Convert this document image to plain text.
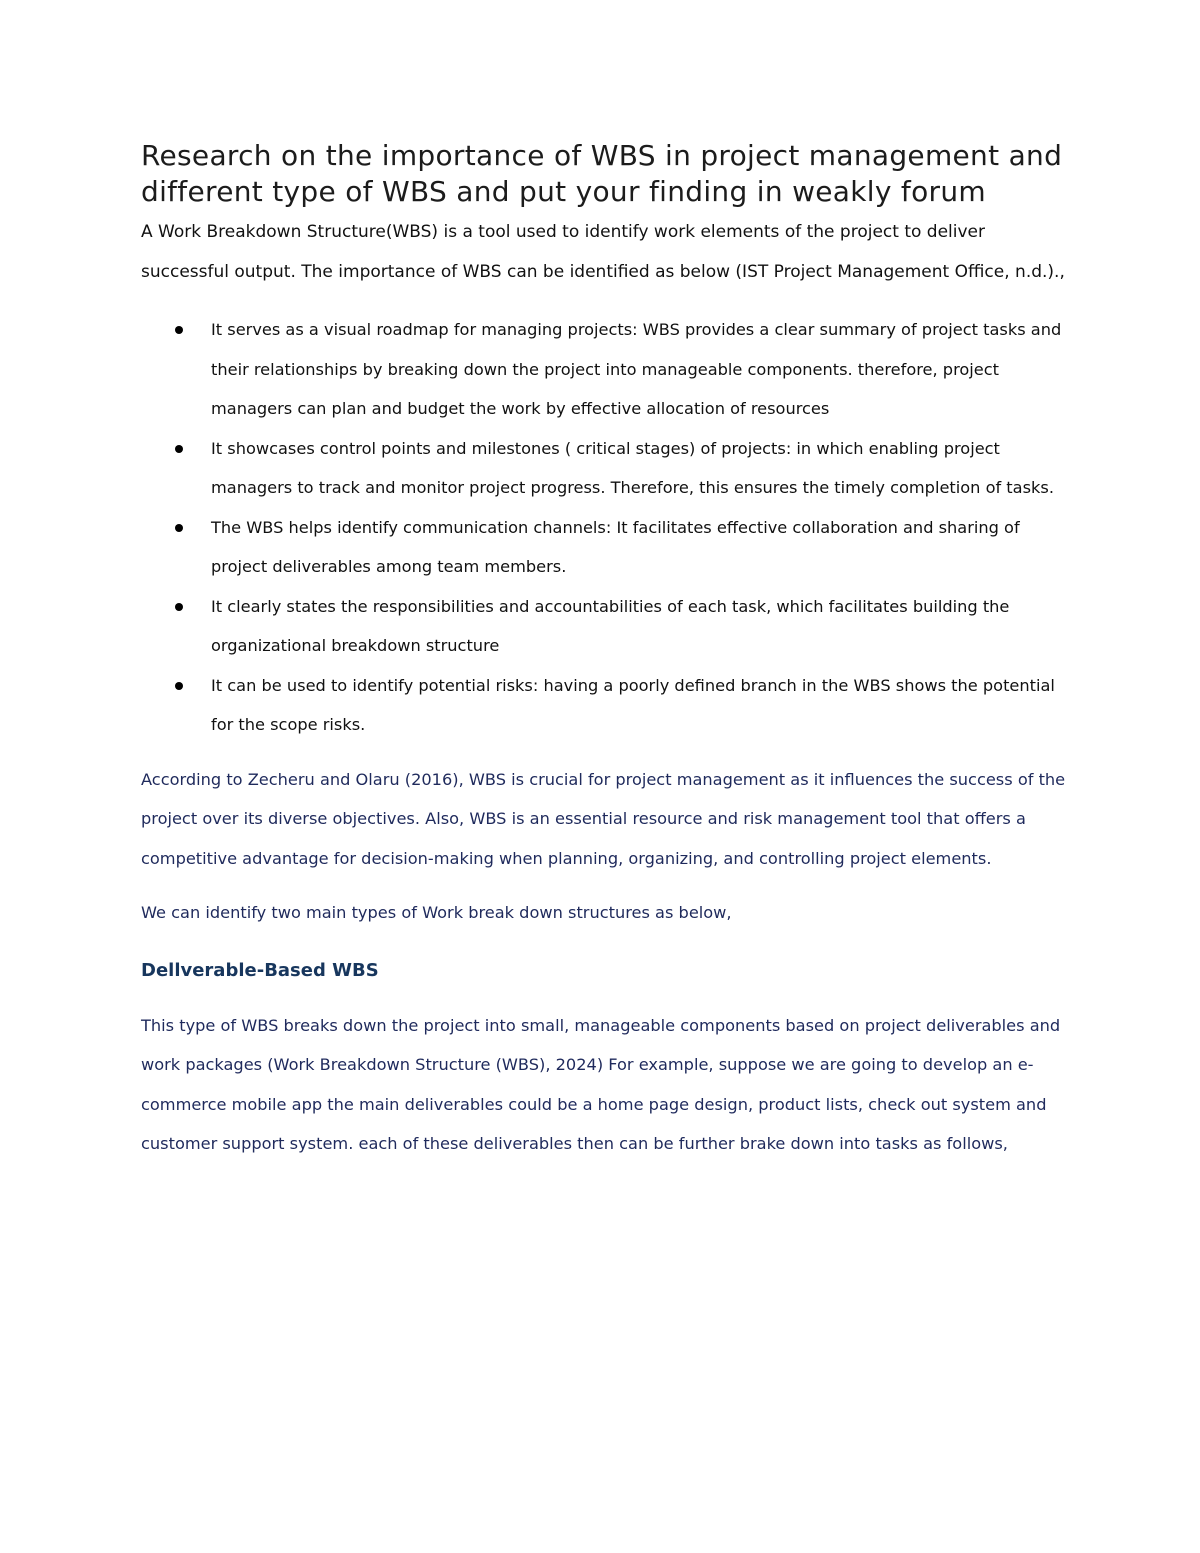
Research on the importance of WBS in project management and different type of WBS and put your finding in weakly forum

A Work Breakdown Structure(WBS) is a tool used to identify work elements of the project to deliver successful output. The importance of WBS can be identified as below (IST Project Management Office, n.d.).,

It serves as a visual roadmap for managing projects: WBS provides a clear summary of project tasks and their relationships by breaking down the project into manageable components. therefore, project managers can plan and budget the work by effective allocation of resources
It showcases control points and milestones ( critical stages) of projects: in which enabling project managers to track and monitor project progress. Therefore, this ensures the timely completion of tasks.
The WBS helps identify communication channels: It facilitates effective collaboration and sharing of project deliverables among team members.
It clearly states the responsibilities and accountabilities of each task, which facilitates building the organizational breakdown structure
It can be used to identify potential risks: having a poorly defined branch in the WBS shows the potential for the scope risks.

According to Zecheru and Olaru (2016), WBS is crucial for project management as it influences the success of the project over its diverse objectives. Also, WBS is an essential resource and risk management tool that offers a competitive advantage for decision-making when planning, organizing, and controlling project elements.

We can identify two main types of Work break down structures as below,

Dellverable-Based WBS

This type of WBS breaks down the project into small, manageable components based on project deliverables and work packages (Work Breakdown Structure (WBS), 2024) For example, suppose we are going to develop an e-commerce mobile app the main deliverables could be a home page design, product lists, check out system and customer support system. each of these deliverables then can be further brake down into tasks as follows,
